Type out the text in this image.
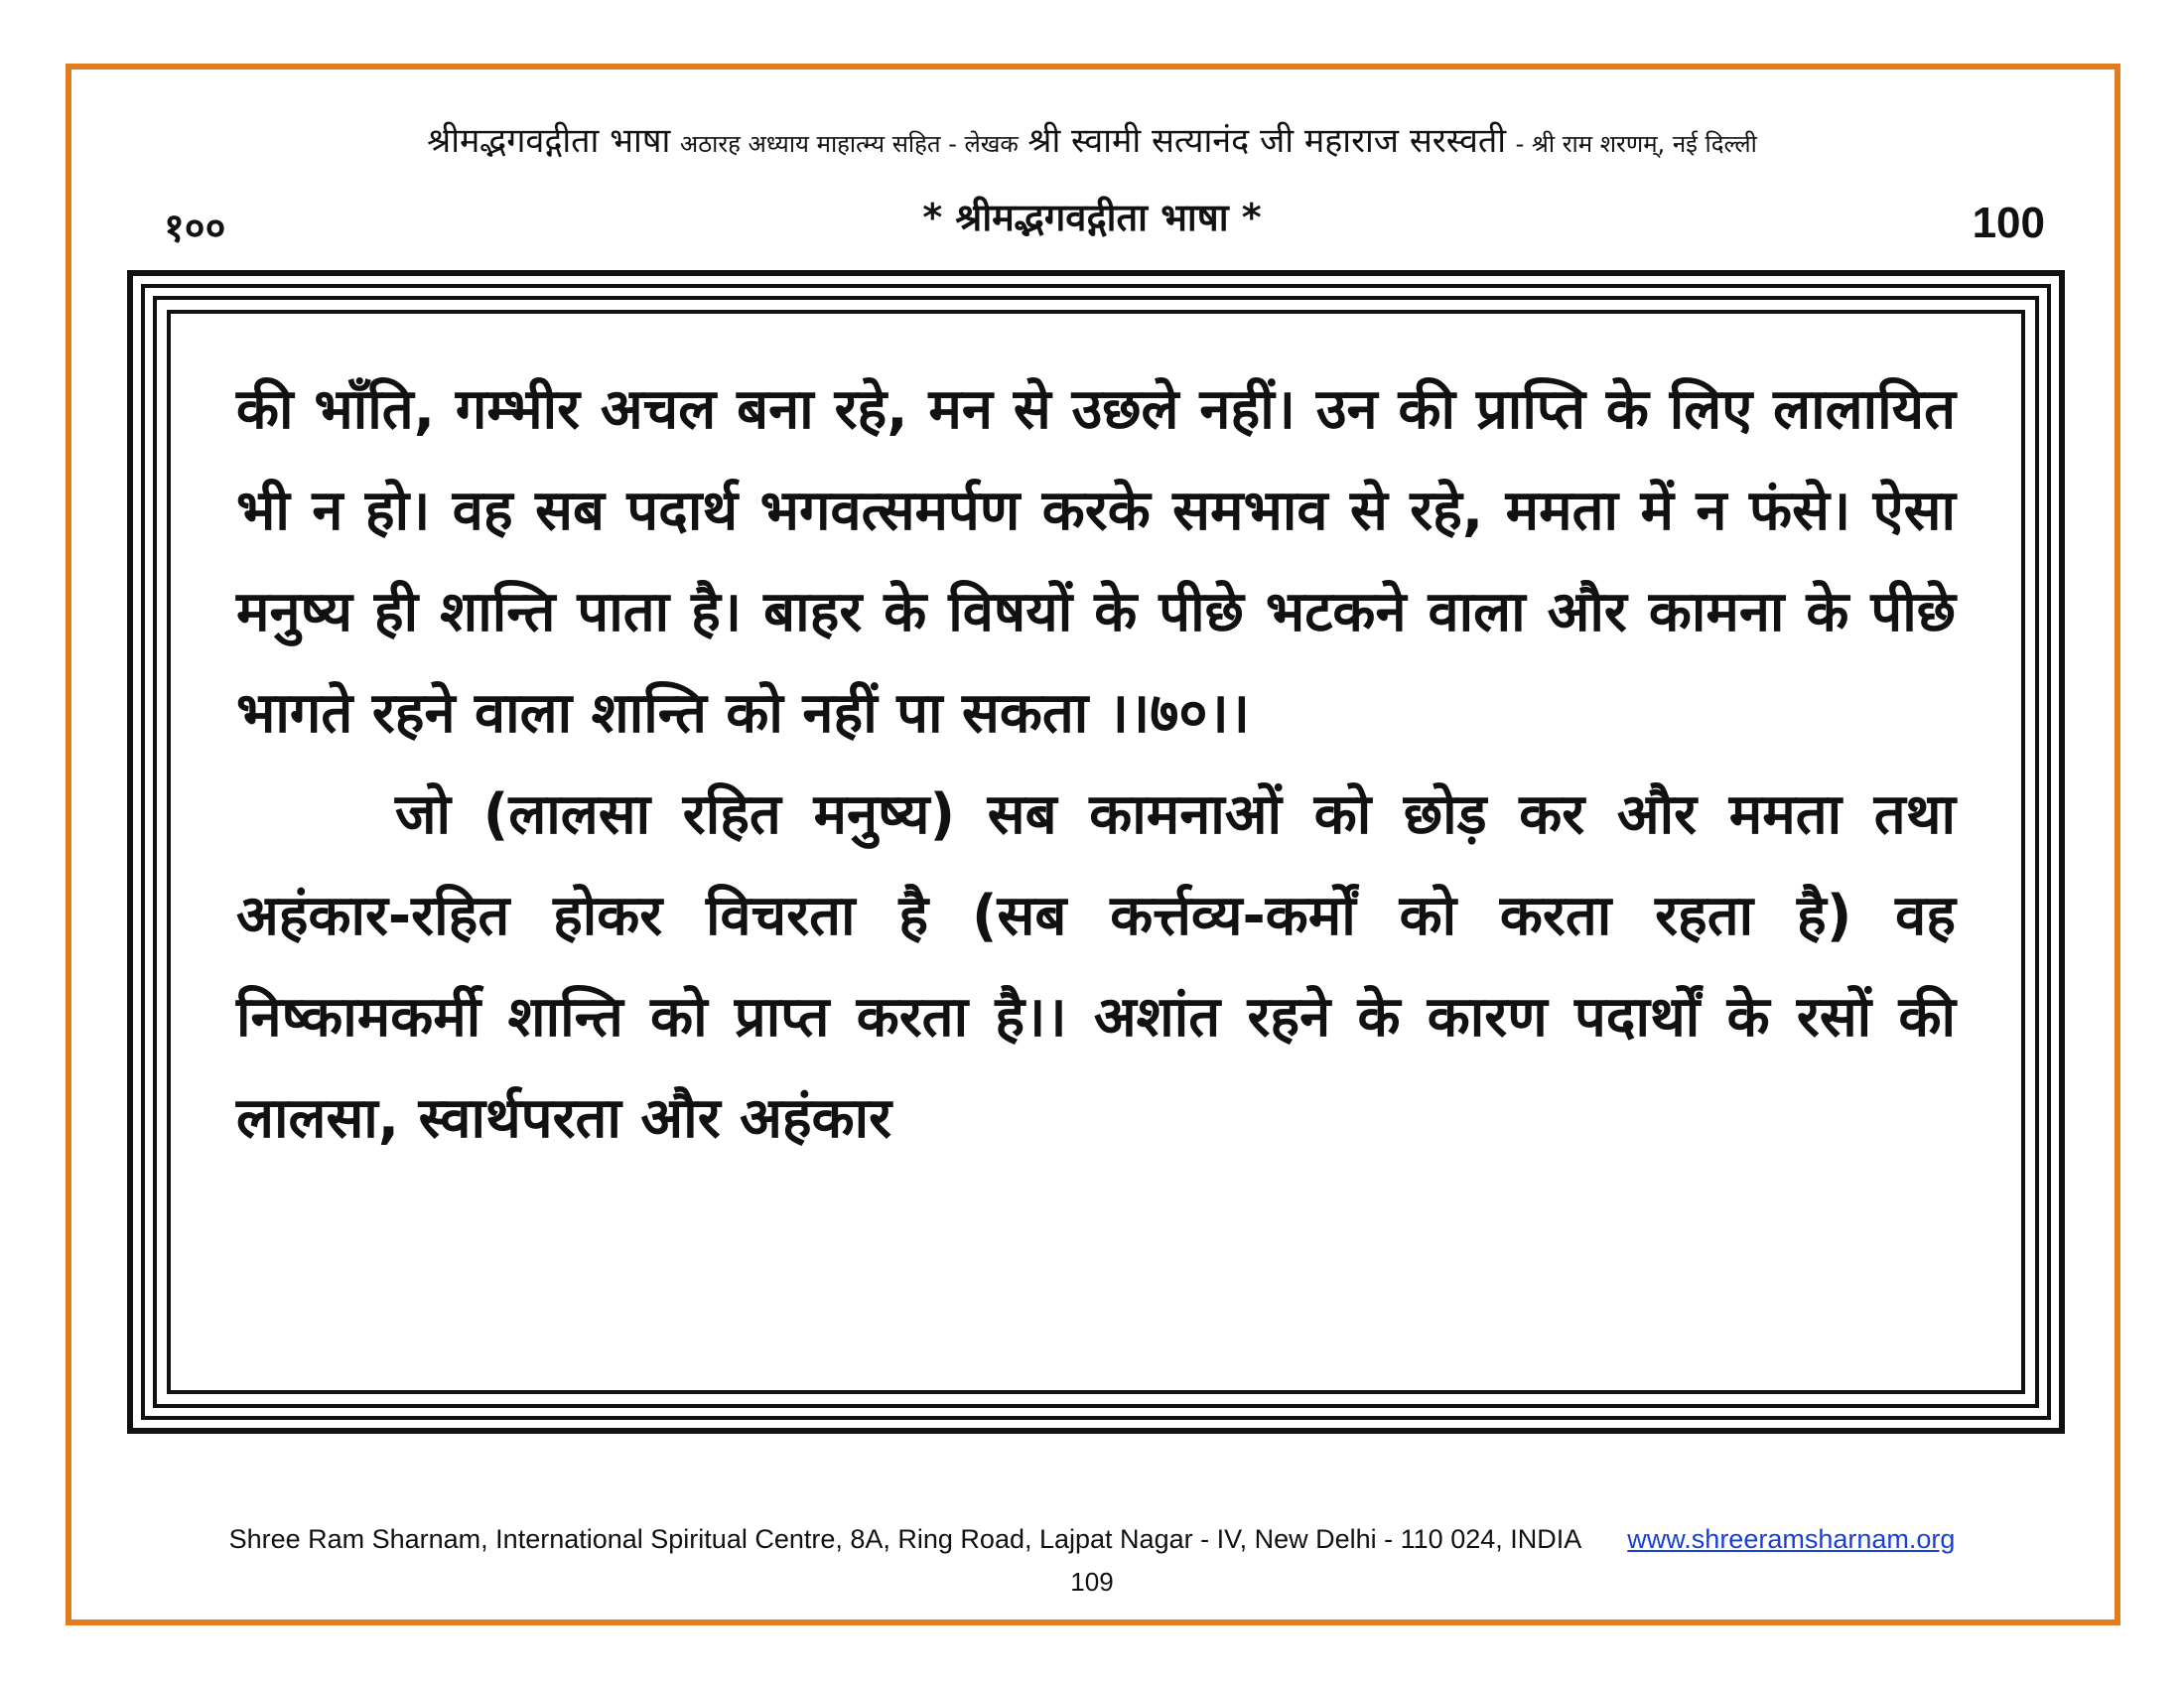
श्रीमद्भगवद्गीता भाषा अठारह अध्याय माहात्म्य सहित - लेखक श्री स्वामी सत्यानंद जी महाराज सरस्वती - श्री राम शरणम्, नई दिल्ली
१००	* श्रीमद्भगवद्गीता भाषा *	100

की भाँति, गम्भीर अचल बना रहे, मन से उछले नहीं। उन की प्राप्ति के लिए लालायित भी न हो। वह सब पदार्थ भगवत्समर्पण करके समभाव से रहे, ममता में न फंसे। ऐसा मनुष्य ही शान्ति पाता है। बाहर के विषयों के पीछे भटकने वाला और कामना के पीछे भागते रहने वाला शान्ति को नहीं पा सकता ।।७०।।

जो (लालसा रहित मनुष्य) सब कामनाओं को छोड़ कर और ममता तथा अहंकार-रहित होकर विचरता है (सब कर्त्तव्य-कर्मों को करता रहता है) वह निष्कामकर्मी शान्ति को प्राप्त करता है।। अशांत रहने के कारण पदार्थों के रसों की लालसा, स्वार्थपरता और अहंकार

Shree Ram Sharnam, International Spiritual Centre, 8A, Ring Road, Lajpat Nagar - IV, New Delhi - 110 024, INDIA www.shreeramsharnam.org
109
